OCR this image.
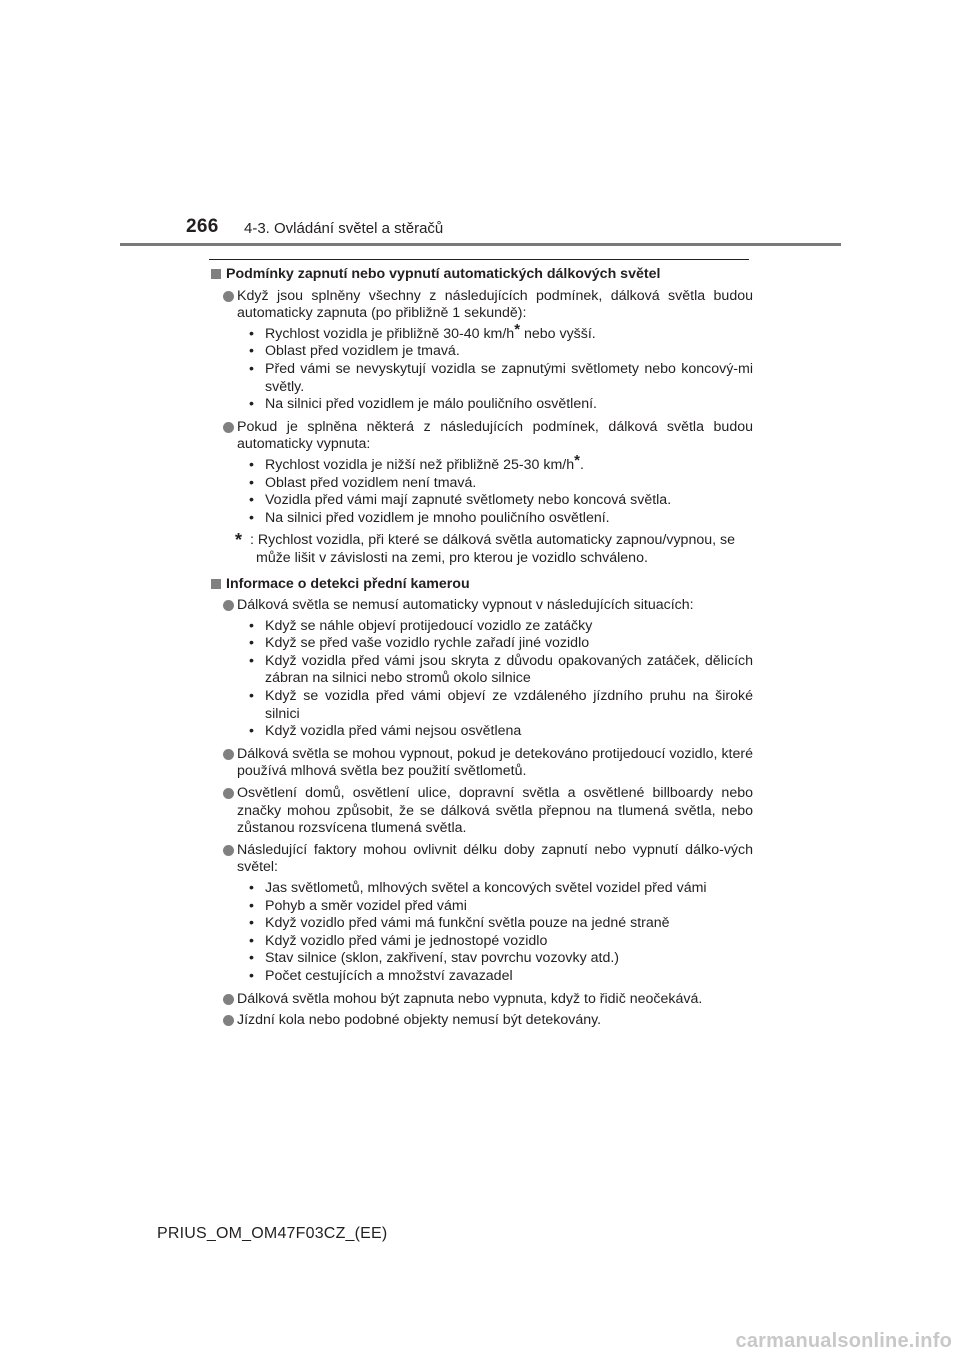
266 4-3. Ovládání světel a stěračů
Podmínky zapnutí nebo vypnutí automatických dálkových světel
Když jsou splněny všechny z následujících podmínek, dálková světla budou automaticky zapnuta (po přibližně 1 sekundě):
• Rychlost vozidla je přibližně 30-40 km/h* nebo vyšší.
• Oblast před vozidlem je tmavá.
• Před vámi se nevyskytují vozidla se zapnutými světlomety nebo koncový-mi světly.
• Na silnici před vozidlem je málo pouličního osvětlení.
Pokud je splněna některá z následujících podmínek, dálková světla budou automaticky vypnuta:
• Rychlost vozidla je nižší než přibližně 25-30 km/h*.
• Oblast před vozidlem není tmavá.
• Vozidla před vámi mají zapnuté světlomety nebo koncová světla.
• Na silnici před vozidlem je mnoho pouličního osvětlení.
* : Rychlost vozidla, při které se dálková světla automaticky zapnou/vypnou, se může lišit v závislosti na zemi, pro kterou je vozidlo schváleno.
Informace o detekci přední kamerou
Dálková světla se nemusí automaticky vypnout v následujících situacích:
• Když se náhle objeví protijedoucí vozidlo ze zatáčky
• Když se před vaše vozidlo rychle zařadí jiné vozidlo
• Když vozidla před vámi jsou skryta z důvodu opakovaných zatáček, dělicích zábran na silnici nebo stromů okolo silnice
• Když se vozidla před vámi objeví ze vzdáleného jízdního pruhu na široké silnici
• Když vozidla před vámi nejsou osvětlena
Dálková světla se mohou vypnout, pokud je detekováno protijedoucí vozidlo, které používá mlhová světla bez použití světlometů.
Osvětlení domů, osvětlení ulice, dopravní světla a osvětlené billboardy nebo značky mohou způsobit, že se dálková světla přepnou na tlumená světla, nebo zůstanou rozsvícena tlumená světla.
Následující faktory mohou ovlivnit délku doby zapnutí nebo vypnutí dálko-vých světel:
• Jas světlometů, mlhových světel a koncových světel vozidel před vámi
• Pohyb a směr vozidel před vámi
• Když vozidlo před vámi má funkční světla pouze na jedné straně
• Když vozidlo před vámi je jednostopé vozidlo
• Stav silnice (sklon, zakřivení, stav povrchu vozovky atd.)
• Počet cestujících a množství zavazadel
Dálková světla mohou být zapnuta nebo vypnuta, když to řidič neočekává.
Jízdní kola nebo podobné objekty nemusí být detekovány.
PRIUS_OM_OM47F03CZ_(EE)
carmanualsonline.info
